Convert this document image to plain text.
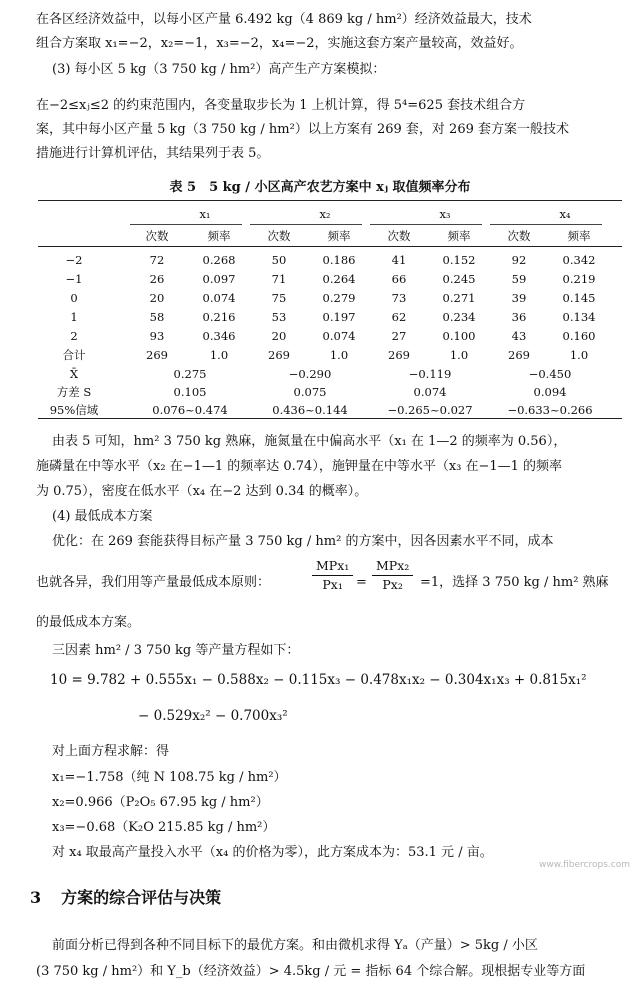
在各区经济效益中，以每小区产量 6.492 kg（4 869 kg / hm²）经济效益最大，技术
组合方案取 x₁=−2，x₂=−1，x₃=−2，x₄=−2，实施这套方案产量较高，效益好。
(3) 每小区 5 kg（3 750 kg / hm²）高产生产方案模拟：
在−2≤xⱼ≤2 的约束范围内，各变量取步长为 1 上机计算，得 5⁴=625 套技术组合方
案，其中每小区产量 5 kg（3 750 kg / hm²）以上方案有 269 套，对 269 套方案一般技术
措施进行计算机评估，其结果列于表 5。
表 5　5 kg / 小区高产农艺方案中 xⱼ 取值频率分布
x₁	x₂	x₃	x₄
次数	频率	次数	频率	次数	频率	次数	频率
−2	72	0.268	50	0.186	41	0.152	92	0.342
−1	26	0.097	71	0.264	66	0.245	59	0.219
0	20	0.074	75	0.279	73	0.271	39	0.145
1	58	0.216	53	0.197	62	0.234	36	0.134
2	93	0.346	20	0.074	27	0.100	43	0.160
合计	269	1.0	269	1.0	269	1.0	269	1.0
X̄	0.275	−0.290	−0.119	−0.450
方差 S	0.105	0.075	0.074	0.094
95%信域	0.076~0.474	0.436~0.144	−0.265~0.027	−0.633~0.266
由表 5 可知，hm² 3 750 kg 熟麻，施氮量在中偏高水平（x₁ 在 1—2 的频率为 0.56），
施磷量在中等水平（x₂ 在−1—1 的频率达 0.74），施钾量在中等水平（x₃ 在−1—1 的频率
为 0.75），密度在低水平（x₄ 在−2 达到 0.34 的概率）。
(4) 最低成本方案
优化：在 269 套能获得目标产量 3 750 kg / hm² 的方案中，因各因素水平不同，成本
也就各异，我们用等产量最低成本原则：
MPx₁
Px₁	=
MPx₂
Px₂	=1，选择 3 750 kg / hm² 熟麻
的最低成本方案。
三因素 hm² / 3 750 kg 等产量方程如下：
10 = 9.782 + 0.555x₁ − 0.588x₂ − 0.115x₃ − 0.478x₁x₂ − 0.304x₁x₃ + 0.815x₁²
− 0.529x₂² − 0.700x₃²
对上面方程求解：得
x₁=−1.758（纯 N 108.75 kg / hm²）
x₂=0.966（P₂O₅ 67.95 kg / hm²）
x₃=−0.68（K₂O 215.85 kg / hm²）
对 x₄ 取最高产量投入水平（x₄ 的价格为零），此方案成本为：53.1 元 / 亩。
www.fibercrops.com
3 方案的综合评估与决策
前面分析已得到各种不同目标下的最优方案。和由微机求得 Yₐ（产量）> 5kg / 小区
(3 750 kg / hm²）和 Y_b（经济效益）> 4.5kg / 元 = 指标 64 个综合解。现根据专业等方面
